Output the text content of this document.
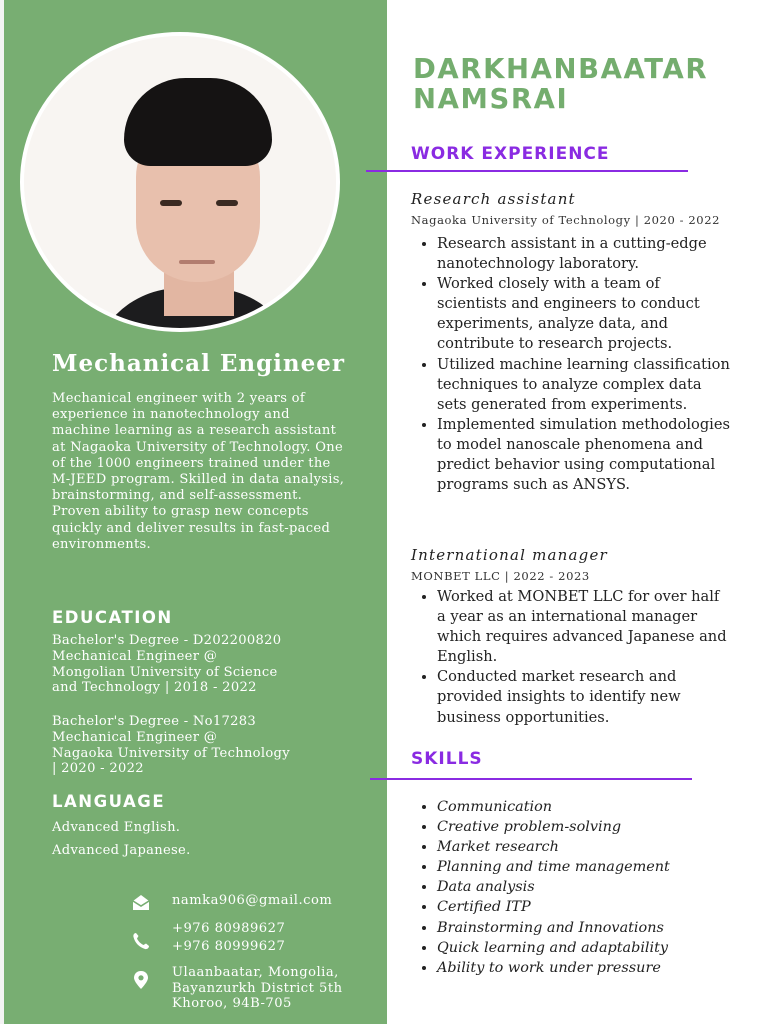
Mechanical Engineer

Mechanical engineer with 2 years of experience in nanotechnology and machine learning as a research assistant at Nagaoka University of Technology. One of the 1000 engineers trained under the M-JEED program. Skilled in data analysis, brainstorming, and self-assessment. Proven ability to grasp new concepts quickly and deliver results in fast-paced environments.

EDUCATION
Bachelor's Degree - D202200820
Mechanical Engineer @
Mongolian University of Science
and Technology | 2018 - 2022
Bachelor's Degree - No17283
Mechanical Engineer @
Nagaoka University of Technology
| 2020 - 2022
LANGUAGE

Advanced English.

Advanced Japanese.

namka906@gmail.com

+976 80989627
+976 80999627

Ulaanbaatar, Mongolia,
Bayanzurkh District 5th
Khoroo, 94B-705

DARKHANBAATAR
NAMSRAI
WORK EXPERIENCE

Research assistant

Nagaoka University of Technology | 2020 - 2022

• Research assistant in a cutting-edge nanotechnology laboratory.
• Worked closely with a team of scientists and engineers to conduct experiments, analyze data, and contribute to research projects.
• Utilized machine learning classification techniques to analyze complex data sets generated from experiments.
• Implemented simulation methodologies to model nanoscale phenomena and predict behavior using computational programs such as ANSYS.

International manager

MONBET LLC | 2022 - 2023

• Worked at MONBET LLC for over half a year as an international manager which requires advanced Japanese and English.
• Conducted market research and provided insights to identify new business opportunities.
SKILLS
• Communication
• Creative problem-solving
• Market research
• Planning and time management
• Data analysis
• Certified ITP
• Brainstorming and Innovations
• Quick learning and adaptability
• Ability to work under pressure
